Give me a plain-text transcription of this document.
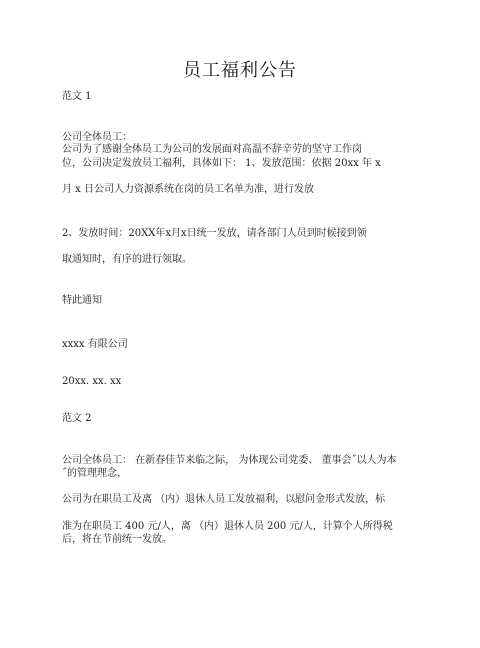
员工福利公告
范文 1
公司全体员工：
公司为了感谢全体员工为公司的发展面对高温不辞辛劳的坚守工作岗
位，公司决定发放员工福利，具体如下： 1、发放范围：依据 20xx 年 x
月 x 日公司人力资源系统在岗的员工名单为准，进行发放
2、发放时间：20XX年x月x日统一发放，请各部门人员到时候接到领
取通知时，有序的进行领取。
特此通知
xxxx 有限公司
20xx. xx. xx
范文 2
公司全体员工： 在新春佳节来临之际， 为体现公司党委、 董事会˝以人为本
˝的管理理念，
公司为在职员工及离 （内）退休人员工发放福利，以慰问金形式发放，标
准为在职员工 400 元/人，离 （内）退休人员 200 元/人，计算个人所得税
后，将在节前统一发放。
